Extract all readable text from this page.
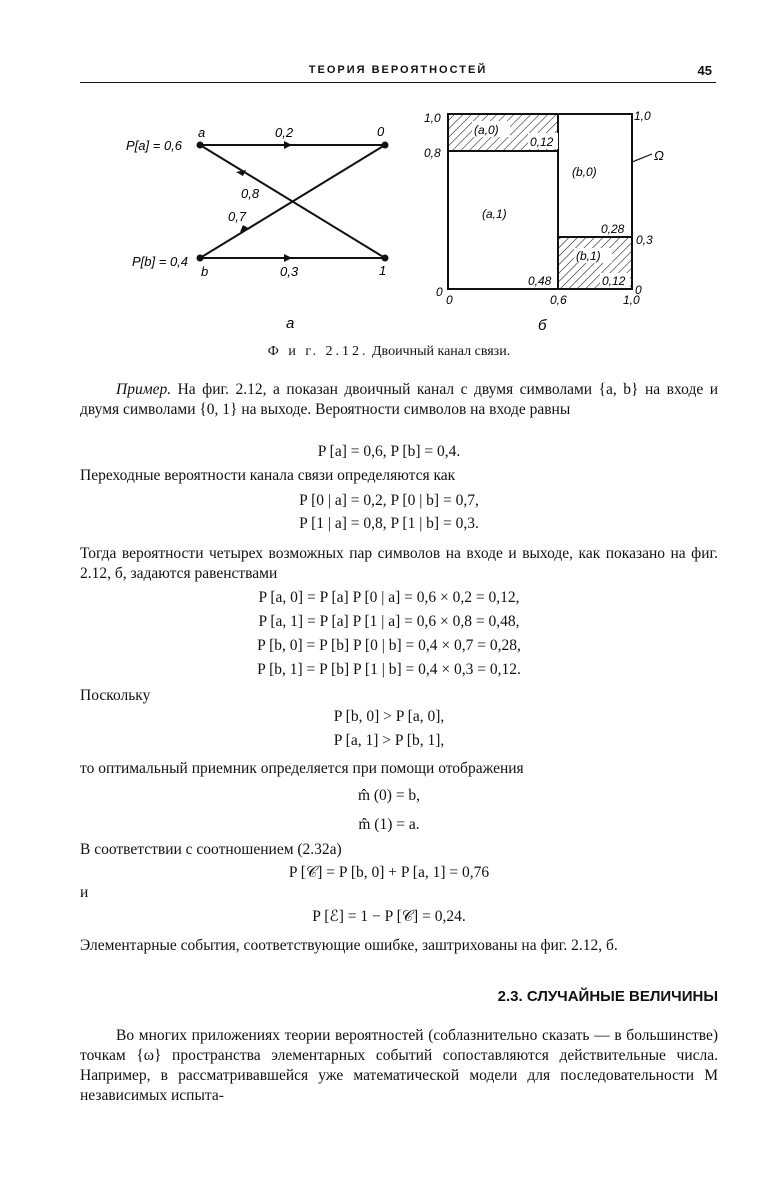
ТЕОРИЯ ВЕРОЯТНОСТЕЙ	45
P[a] = 0,6
P[b] = 0,4
a
b
0
1
0,2
0,8
0,7
0,3
а
(a,0)
0,12
(b,0)
(a,1)
0,28
0,48
(b,1)
0,12
1,0
0,8
0
1,0
0,3
0
0	0,6	1,0
Ω
б
Ф и г. 2.12. Двоичный канал связи.
Пример. На фиг. 2.12, а показан двоичный канал с двумя символами {a, b} на входе и двумя символами {0, 1} на выходе. Вероятности символов на входе равны
P [a] = 0,6, P [b] = 0,4.
Переходные вероятности канала связи определяются как
P [0 | a] = 0,2, P [0 | b] = 0,7,
P [1 | a] = 0,8, P [1 | b] = 0,3.
Тогда вероятности четырех возможных пар символов на входе и выходе, как показано на фиг. 2.12, б, задаются равенствами
P [a, 0] = P [a] P [0 | a] = 0,6 × 0,2 = 0,12,
P [a, 1] = P [a] P [1 | a] = 0,6 × 0,8 = 0,48,
P [b, 0] = P [b] P [0 | b] = 0,4 × 0,7 = 0,28,
P [b, 1] = P [b] P [1 | b] = 0,4 × 0,3 = 0,12.
Поскольку
P [b, 0] > P [a, 0],
P [a, 1] > P [b, 1],
то оптимальный приемник определяется при помощи отображения
m̂ (0) = b,
m̂ (1) = a.
В соответствии с соотношением (2.32а)
P [𝒞] = P [b, 0] + P [a, 1] = 0,76
и
P [ℰ] = 1 − P [𝒞] = 0,24.
Элементарные события, соответствующие ошибке, заштрихованы на фиг. 2.12, б.
2.3. СЛУЧАЙНЫЕ ВЕЛИЧИНЫ
Во многих приложениях теории вероятностей (соблазнительно сказать — в большинстве) точкам {ω} пространства элементарных событий сопоставляются действительные числа. Например, в рассматривавшейся уже математической модели для последовательности M независимых испыта-
